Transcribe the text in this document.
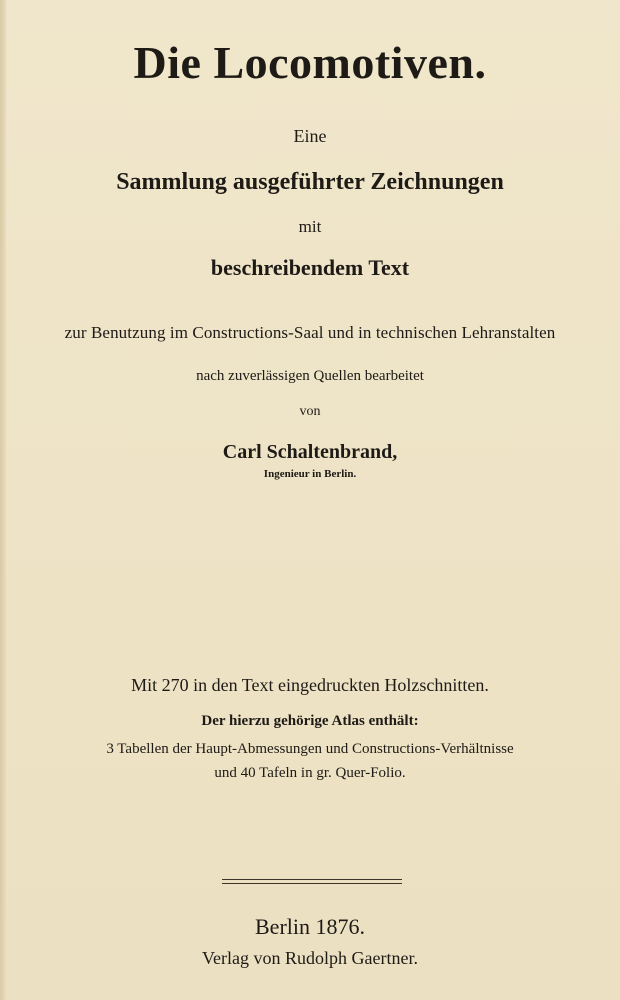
Die Locomotiven.
Eine
Sammlung ausgeführter Zeichnungen
mit
beschreibendem Text
zur Benutzung im Constructions-Saal und in technischen Lehranstalten
nach zuverlässigen Quellen bearbeitet
von
Carl Schaltenbrand,
Ingenieur in Berlin.
Mit 270 in den Text eingedruckten Holzschnitten.
Der hierzu gehörige Atlas enthält:
3 Tabellen der Haupt-Abmessungen und Constructions-Verhältnisse
und 40 Tafeln in gr. Quer-Folio.
Berlin 1876.
Verlag von Rudolph Gaertner.
